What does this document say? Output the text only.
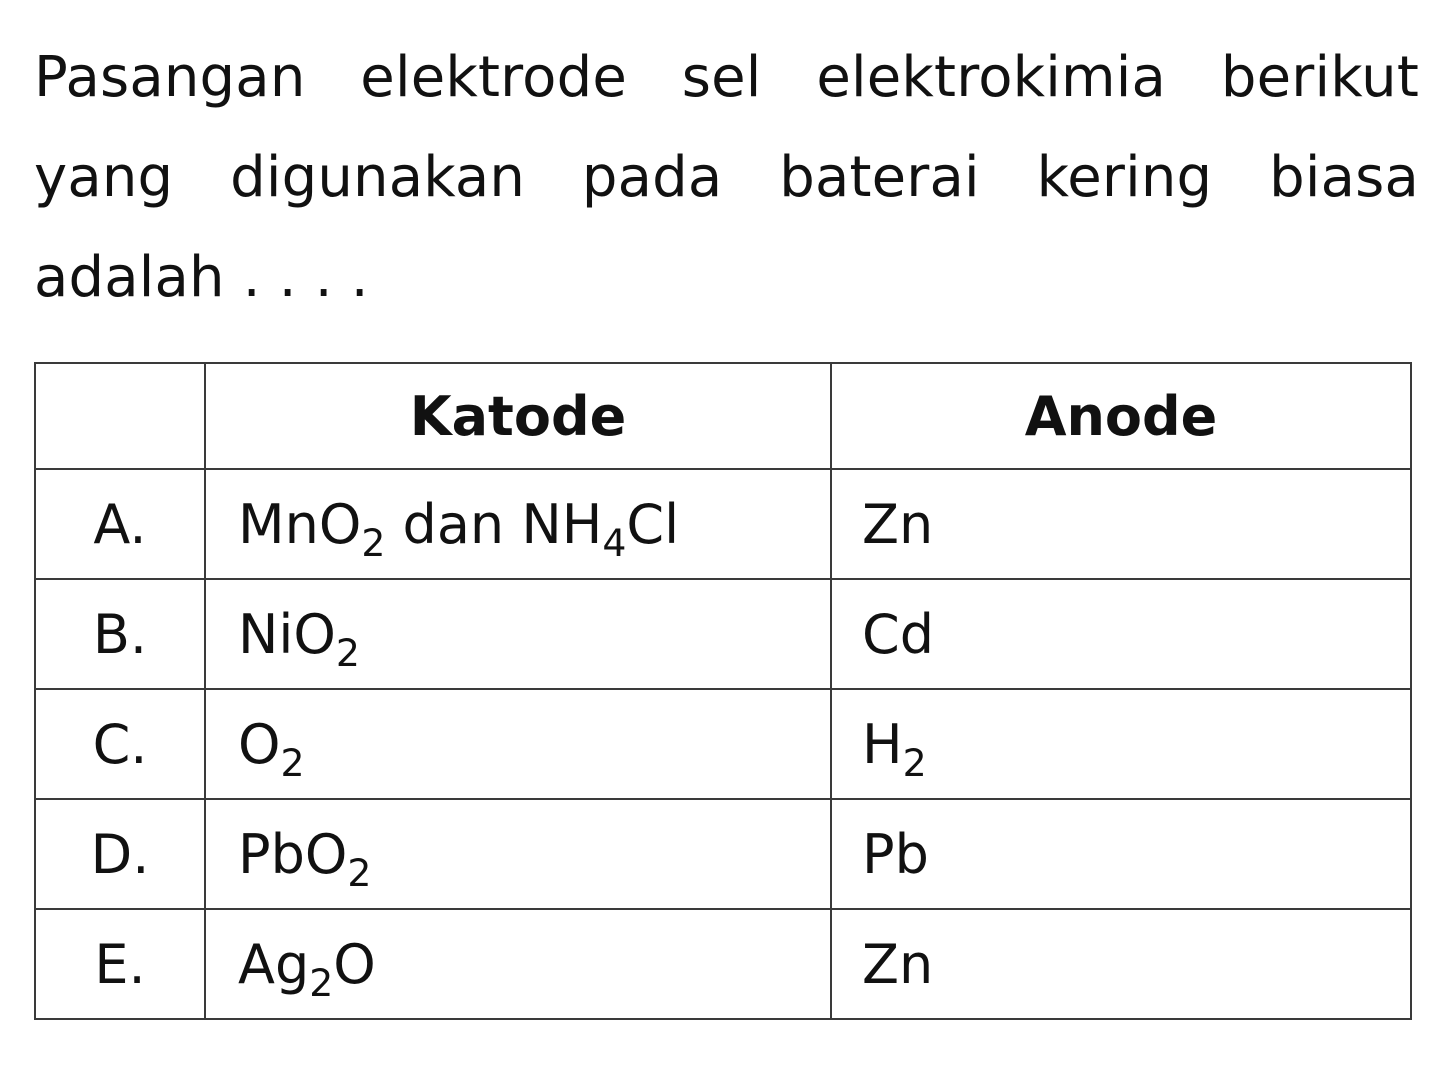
Pasangan elektrode sel elektrokimia berikut yang digunakan pada baterai kering biasa adalah . . . .
	Katode	Anode
A.	MnO$_2$ dan $NH_4Cl$	Zn
B.	NiO$_2$	Cd
C.	$O_2$	$H_2$
D.	PbO$_2$	Pb
E.	$Ag_2O$	Zn
